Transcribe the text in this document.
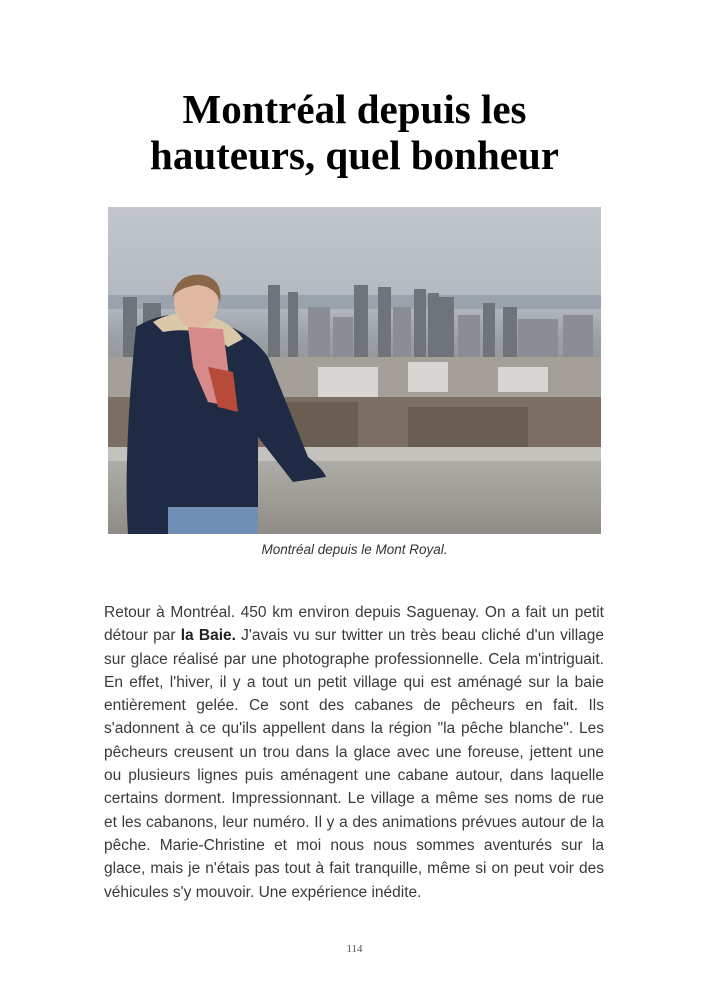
Montréal depuis les
hauteurs, quel bonheur
Montréal depuis le Mont Royal.

Retour à Montréal. 450 km environ depuis Saguenay. On a fait un petit détour par la Baie. J'avais vu sur twitter un très beau cliché d'un village sur glace réalisé par une photographe professionnelle. Cela m'intriguait. En effet, l'hiver, il y a tout un petit village qui est aménagé sur la baie entièrement gelée. Ce sont des cabanes de pêcheurs en fait. Ils s'adonnent à ce qu'ils appellent dans la région "la pêche blanche". Les pêcheurs creusent un trou dans la glace avec une foreuse, jettent une ou plusieurs lignes puis aménagent une cabane autour, dans laquelle certains dorment. Impressionnant. Le village a même ses noms de rue et les cabanons, leur numéro. Il y a des animations prévues autour de la pêche. Marie-Christine et moi nous nous sommes aventurés sur la glace, mais je n'étais pas tout à fait tranquille, même si on peut voir des véhicules s'y mouvoir. Une expérience inédite.

114
